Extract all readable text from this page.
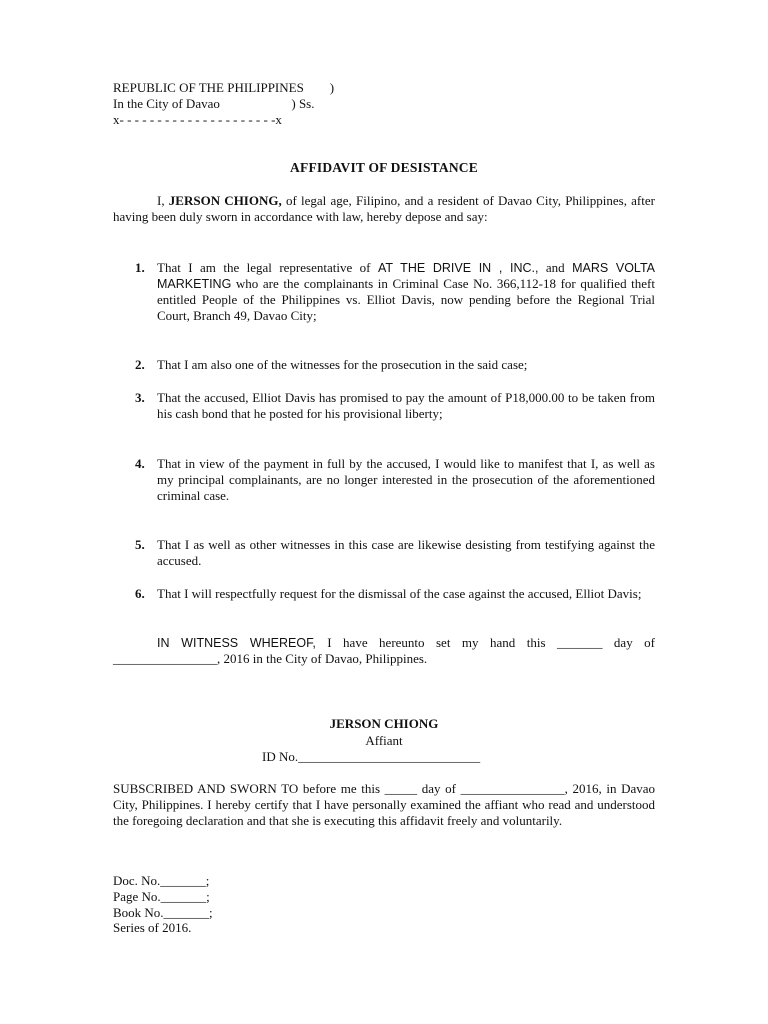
REPUBLIC OF THE PHILIPPINES        )
In the City of Davao                      ) Ss.
x- - - - - - - - - - - - - - - - - - - - -x
AFFIDAVIT OF DESISTANCE
I, JERSON CHIONG, of legal age, Filipino, and a resident of Davao City, Philippines, after having been duly sworn in accordance with law, hereby depose and say:
1. That I am the legal representative of AT THE DRIVE IN , INC., and MARS VOLTA MARKETING who are the complainants in Criminal Case No. 366,112-18 for qualified theft entitled People of the Philippines vs. Elliot Davis, now pending before the Regional Trial Court, Branch 49, Davao City;
2. That I am also one of the witnesses for the prosecution in the said case;
3. That the accused, Elliot Davis has promised to pay the amount of P18,000.00 to be taken from his cash bond that he posted for his provisional liberty;
4. That in view of the payment in full by the accused, I would like to manifest that I, as well as my principal complainants, are no longer interested in the prosecution of the aforementioned criminal case.
5. That I as well as other witnesses in this case are likewise desisting from testifying against the accused.
6. That I will respectfully request for the dismissal of the case against the accused, Elliot Davis;
IN WITNESS WHEREOF, I have hereunto set my hand this _______ day of ________________, 2016 in the City of Davao, Philippines.
JERSON CHIONG
Affiant
ID No.____________________________
SUBSCRIBED AND SWORN TO before me this _____ day of ________________, 2016, in Davao City, Philippines. I hereby certify that I have personally examined the affiant who read and understood the foregoing declaration and that she is executing this affidavit freely and voluntarily.
Doc. No._______;
Page No._______;
Book No._______;
Series of 2016.
